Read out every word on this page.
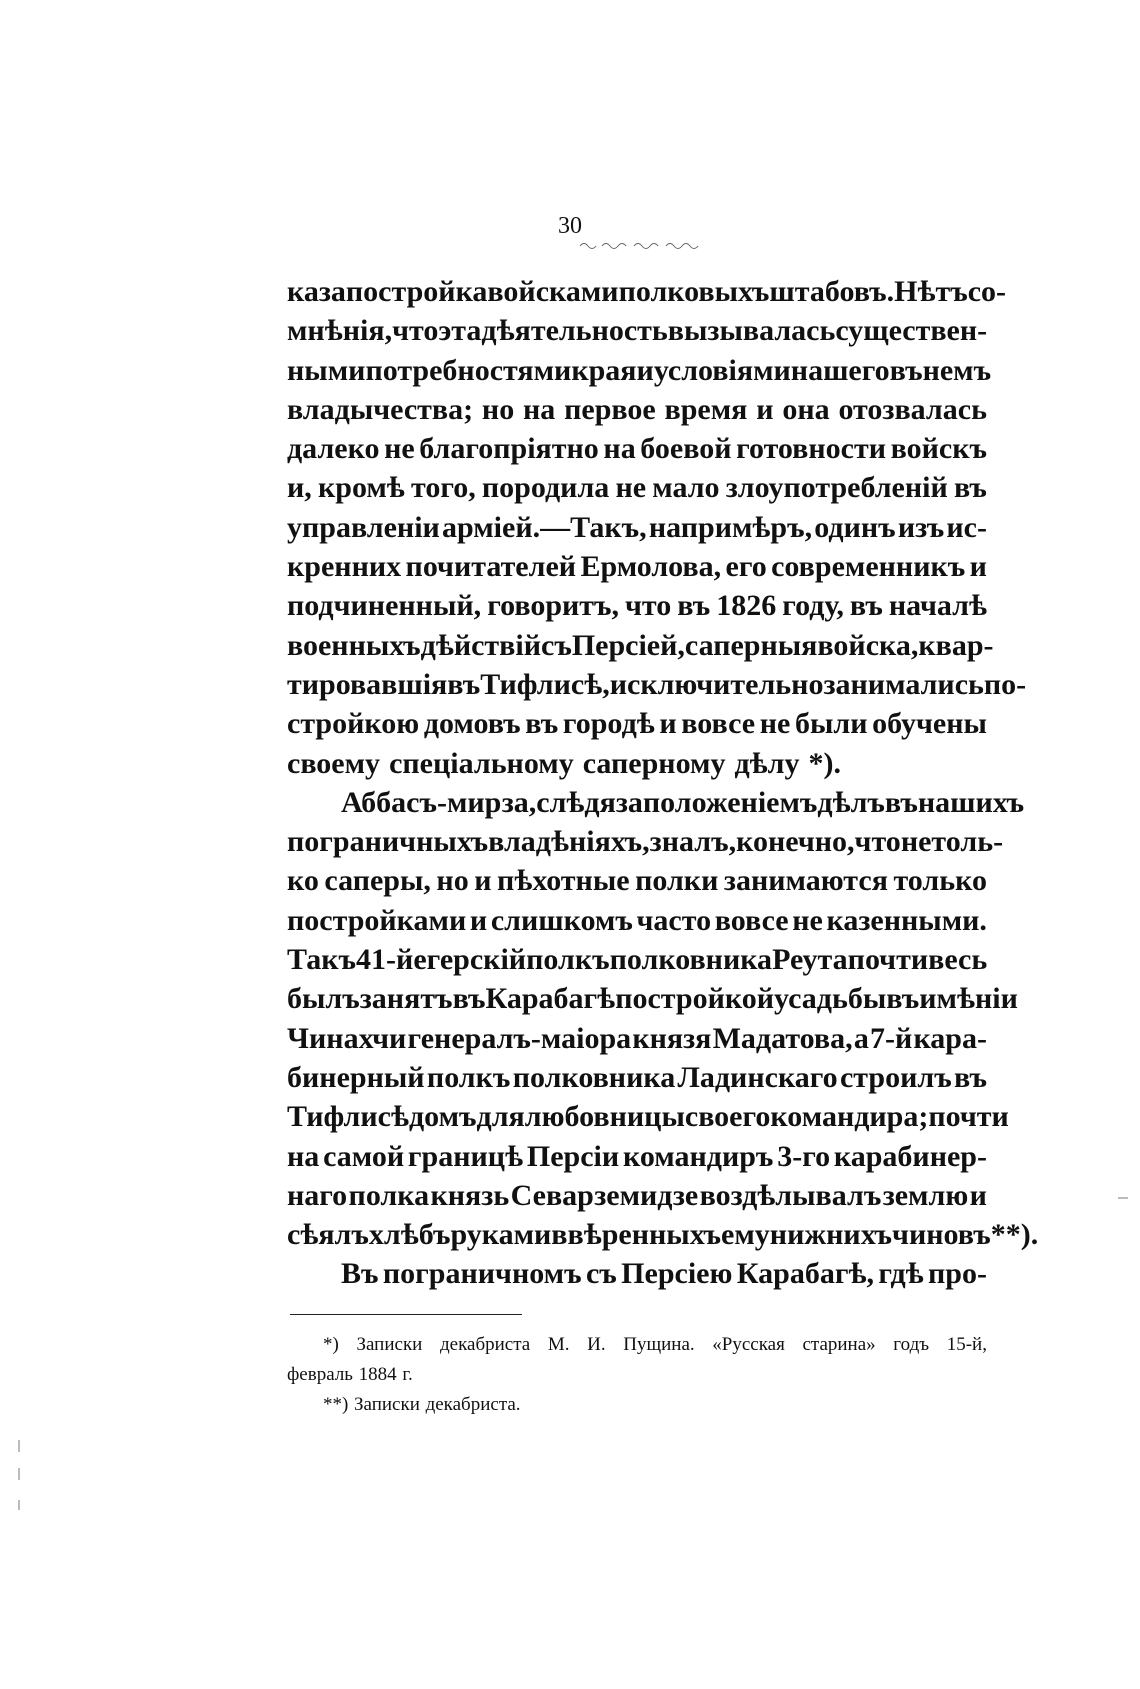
30
каза постройка войсками полковыхъ штабовъ. Нѣтъ со-
мнѣнія, что эта дѣятельность вызывалась существен-
ными потребностями края и условіями нашего въ немъ
владычества; но на первое время и она отозвалась
далеко не благопріятно на боевой готовности войскъ
и, кромѣ того, породила не мало злоупотребленій въ
управленіи арміей.—Такъ, напримѣръ, одинъ изъ ис-
кренних почитателей Ермолова, его современникъ и
подчиненный, говоритъ, что въ 1826 году, въ началѣ
военныхъ дѣйствій съ Персіей, саперныя войска, квар-
тировавшія въ Тифлисѣ, исключительно занимались по-
стройкою домовъ въ городѣ и вовсе не были обучены
своему спеціальному саперному дѣлу *).
Аббасъ-мирза, слѣдя за положеніемъ дѣлъ въ нашихъ
пограничныхъ владѣніяхъ, зналъ, конечно, что не толь-
ко саперы, но и пѣхотные полки занимаются только
постройками и слишкомъ часто вовсе не казенными.
Такъ 41-й егерскій полкъ полковника Реута почти весь
былъ занятъ въ Карабагѣ постройкой усадьбы въ имѣніи
Чинахчи генералъ-маіора князя Мадатова, а 7-й кара-
бинерный полкъ полковника Ладинскаго строилъ въ
Тифлисѣ домъ для любовницы своего командира; почти
на самой границѣ Персіи командиръ 3-го карабинер-
наго полка князь Севарземидзе воздѣлывалъ землю и
сѣялъ хлѣбъ руками ввѣренныхъ ему нижнихъ чиновъ **).
Въ пограничномъ съ Персіею Карабагѣ, гдѣ про-
*) Записки декабриста М. И. Пущина. «Русская старина» годъ 15-й,
февраль 1884 г.
**) Записки декабриста.
